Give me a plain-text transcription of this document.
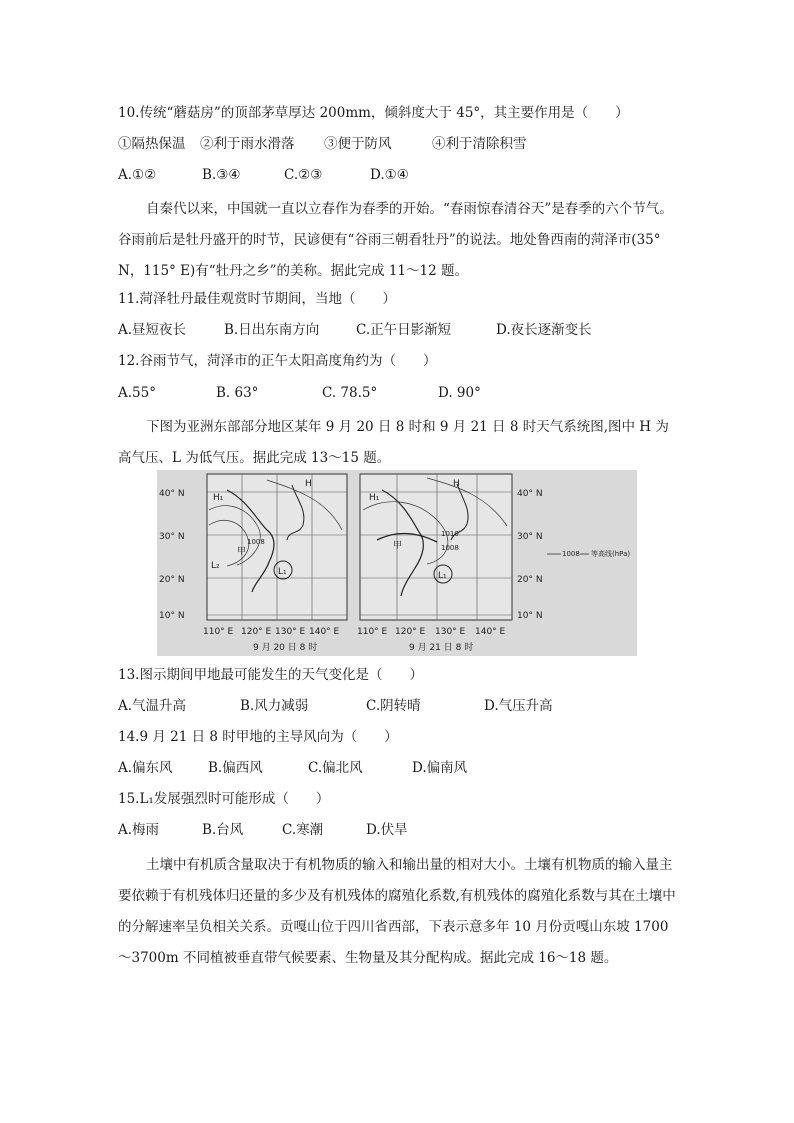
10.传统“蘑菇房”的顶部茅草厚达 200mm，倾斜度大于 45°，其主要作用是（　　）
①隔热保温 ②利于雨水滑落 ③便于防风	④利于清除积雪
A.①②	B.③④	C.②③	D.①④
自秦代以来，中国就一直以立春作为春季的开始。“春雨惊春清谷天”是春季的六个节气。谷雨前后是牡丹盛开的时节，民谚便有“谷雨三朝看牡丹”的说法。地处鲁西南的菏泽市(35° N，115° E)有“牡丹之乡”的美称。据此完成 11～12 题。
11.菏泽牡丹最佳观赏时节期间，当地（　　）
A.昼短夜长	B.日出东南方向	C.正午日影渐短	D.夜长逐渐变长
12.谷雨节气，菏泽市的正午太阳高度角约为（　　）
A.55°	B. 63°	C. 78.5°	D. 90°
下图为亚洲东部部分地区某年 9 月 20 日 8 时和 9 月 21 日 8 时天气系统图,图中 H 为高气压、L 为低气压。据此完成 13～15 题。
H₁
H
L₂
L₁
甲
1008
40° N
30° N
20° N
10° N
110° E 120° E 130° E 140° E
9 月 20 日 8 时
H₁
H
L₁
甲
1010
1008
40° N
30° N
20° N
10° N
110° E 120° E 130° E 140° E
9 月 21 日 8 时
1008 等高线(hPa)
13.图示期间甲地最可能发生的天气变化是（　　）
A.气温升高	B.风力减弱	C.阴转晴	D.气压升高
14.9 月 21 日 8 时甲地的主导风向为（　　）
A.偏东风	B.偏西风	C.偏北风	D.偏南风
15.L₁发展强烈时可能形成（　　）
A.梅雨	B.台风	C.寒潮	D.伏旱
土壤中有机质含量取决于有机物质的输入和输出量的相对大小。土壤有机物质的输入量主要依赖于有机残体归还量的多少及有机残体的腐殖化系数,有机残体的腐殖化系数与其在土壤中的分解速率呈负相关关系。贡嘎山位于四川省西部，下表示意多年 10 月份贡嘎山东坡 1700～3700m 不同植被垂直带气候要素、生物量及其分配构成。据此完成 16～18 题。
